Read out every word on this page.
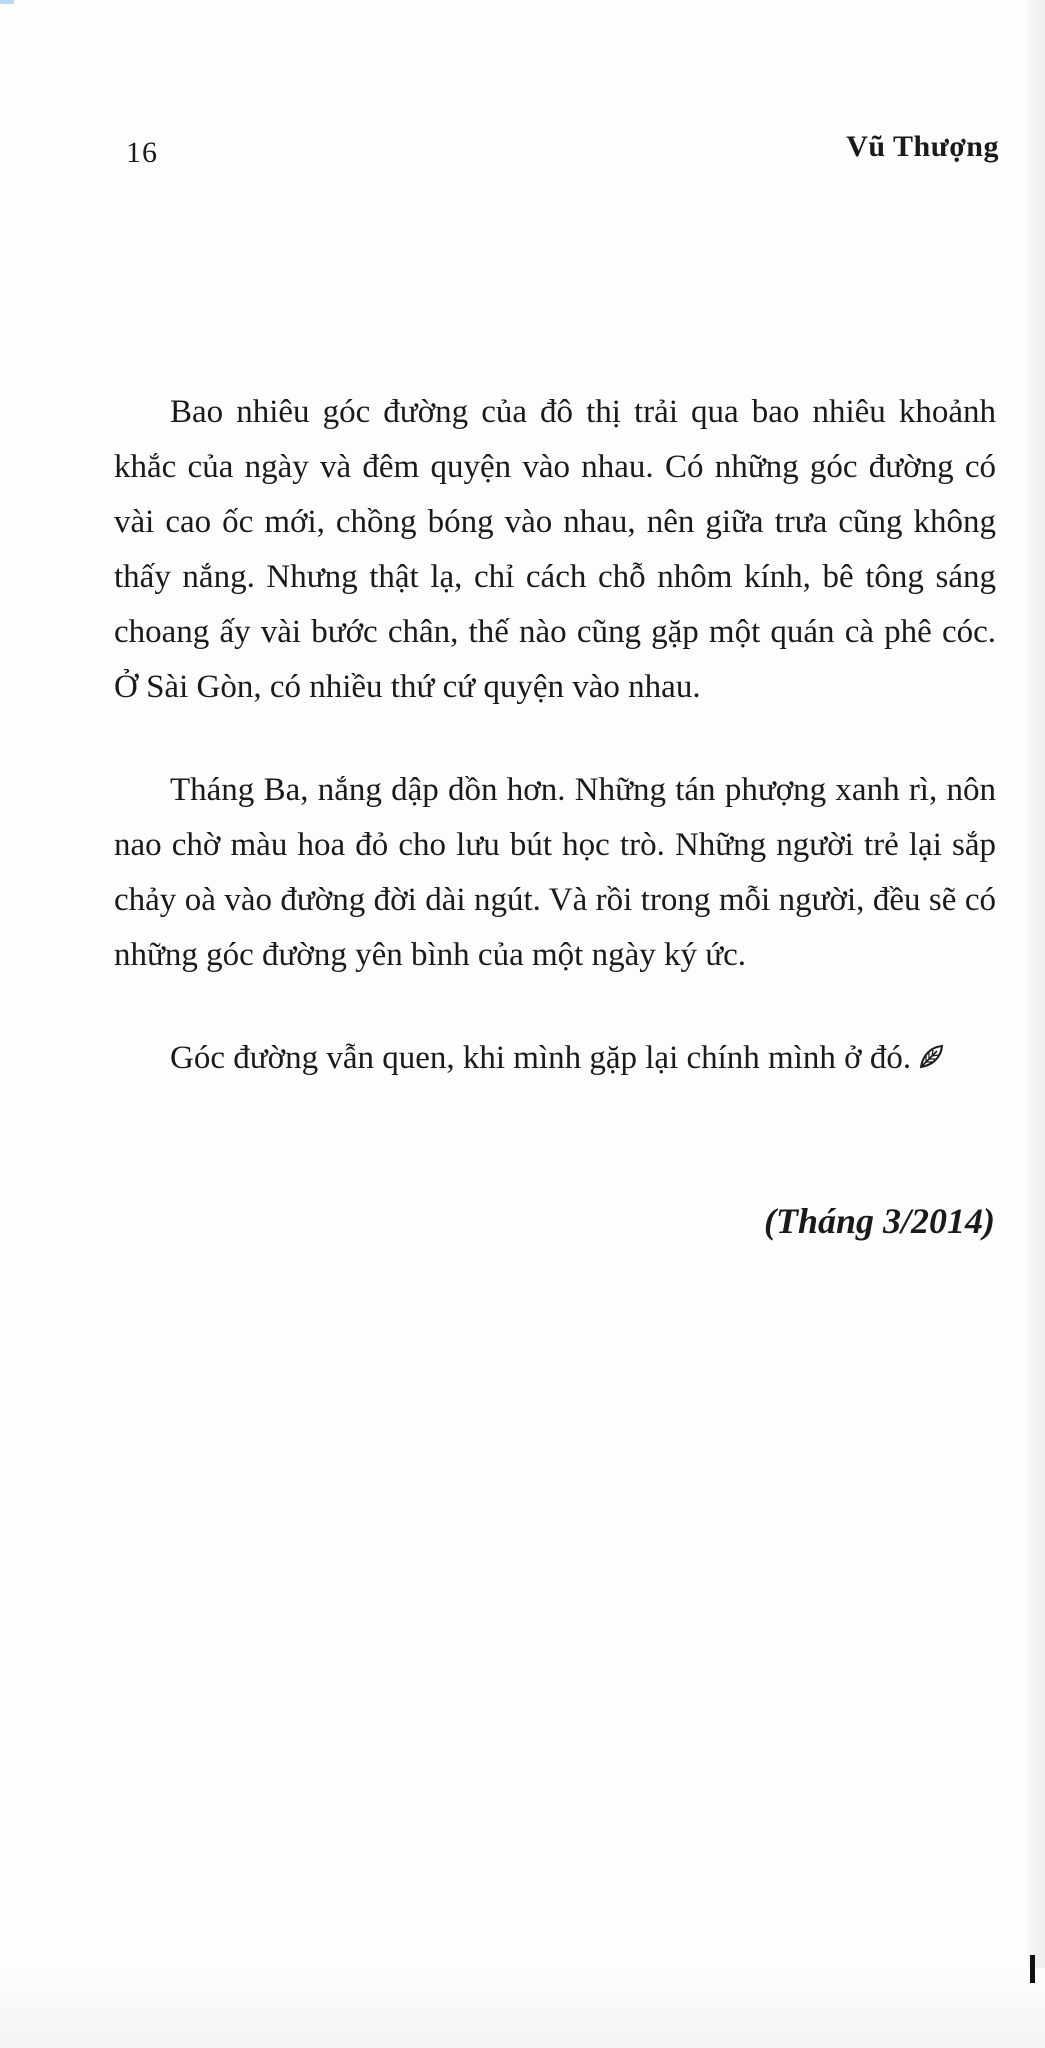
16	Vũ Thượng

Bao nhiêu góc đường của đô thị trải qua bao nhiêu khoảnh khắc của ngày và đêm quyện vào nhau. Có những góc đường có vài cao ốc mới, chồng bóng vào nhau, nên giữa trưa cũng không thấy nắng. Nhưng thật lạ, chỉ cách chỗ nhôm kính, bê tông sáng choang ấy vài bước chân, thế nào cũng gặp một quán cà phê cóc. Ở Sài Gòn, có nhiều thứ cứ quyện vào nhau.

Tháng Ba, nắng dập dồn hơn. Những tán phượng xanh rì, nôn nao chờ màu hoa đỏ cho lưu bút học trò. Những người trẻ lại sắp chảy oà vào đường đời dài ngút. Và rồi trong mỗi người, đều sẽ có những góc đường yên bình của một ngày ký ức.

Góc đường vẫn quen, khi mình gặp lại chính mình ở đó.

(Tháng 3/2014)
